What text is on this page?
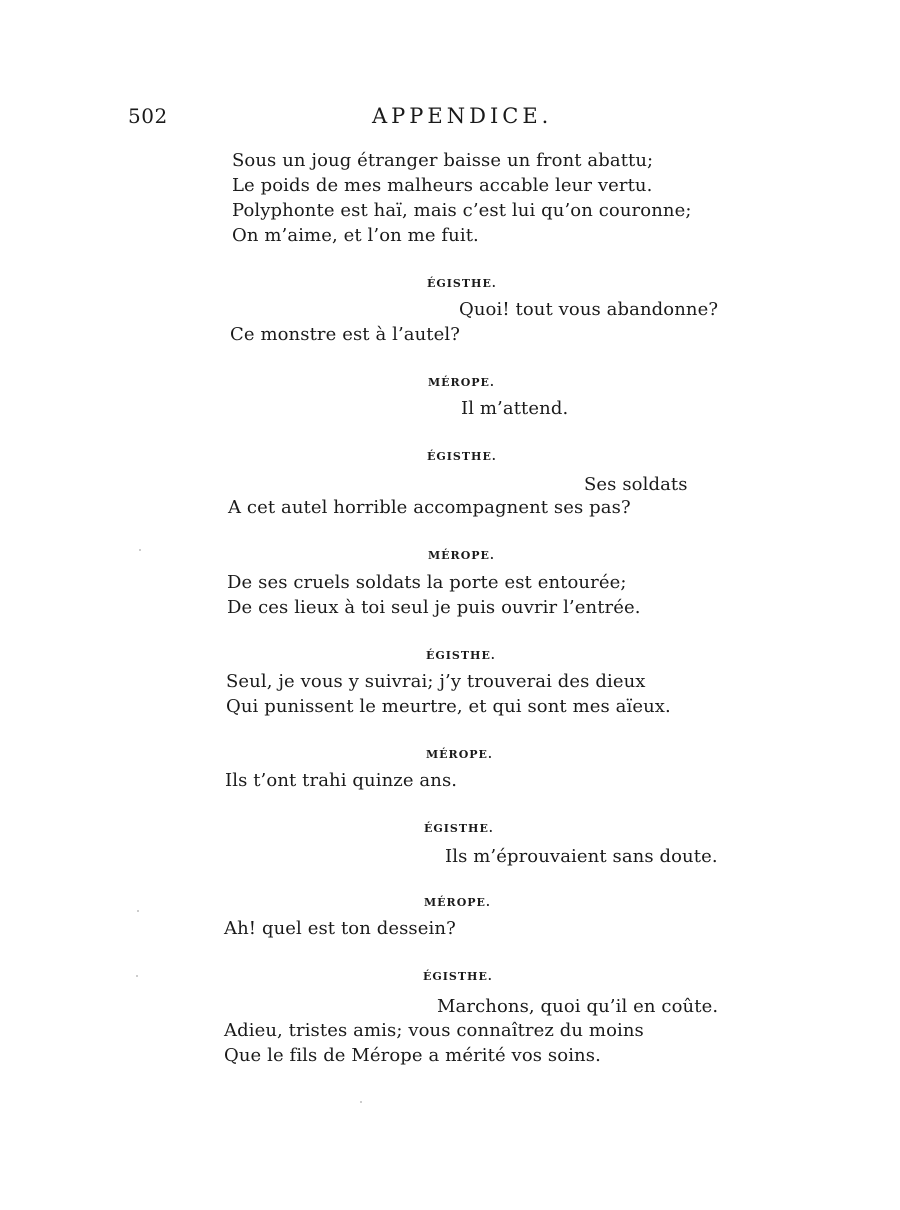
502	APPENDICE.
Sous un joug étranger baisse un front abattu;
Le poids de mes malheurs accable leur vertu.
Polyphonte est haï, mais c’est lui qu’on couronne;
On m’aime, et l’on me fuit.
ÉGISTHE.
Quoi! tout vous abandonne?
Ce monstre est à l’autel?
MÉROPE.
Il m’attend.
ÉGISTHE.
Ses soldats
A cet autel horrible accompagnent ses pas?
MÉROPE.
De ses cruels soldats la porte est entourée;
De ces lieux à toi seul je puis ouvrir l’entrée.
ÉGISTHE.
Seul, je vous y suivrai; j’y trouverai des dieux
Qui punissent le meurtre, et qui sont mes aïeux.
MÉROPE.
Ils t’ont trahi quinze ans.
ÉGISTHE.
Ils m’éprouvaient sans doute.
MÉROPE.
Ah! quel est ton dessein?
ÉGISTHE.
Marchons, quoi qu’il en coûte.
Adieu, tristes amis; vous connaîtrez du moins
Que le fils de Mérope a mérité vos soins.
